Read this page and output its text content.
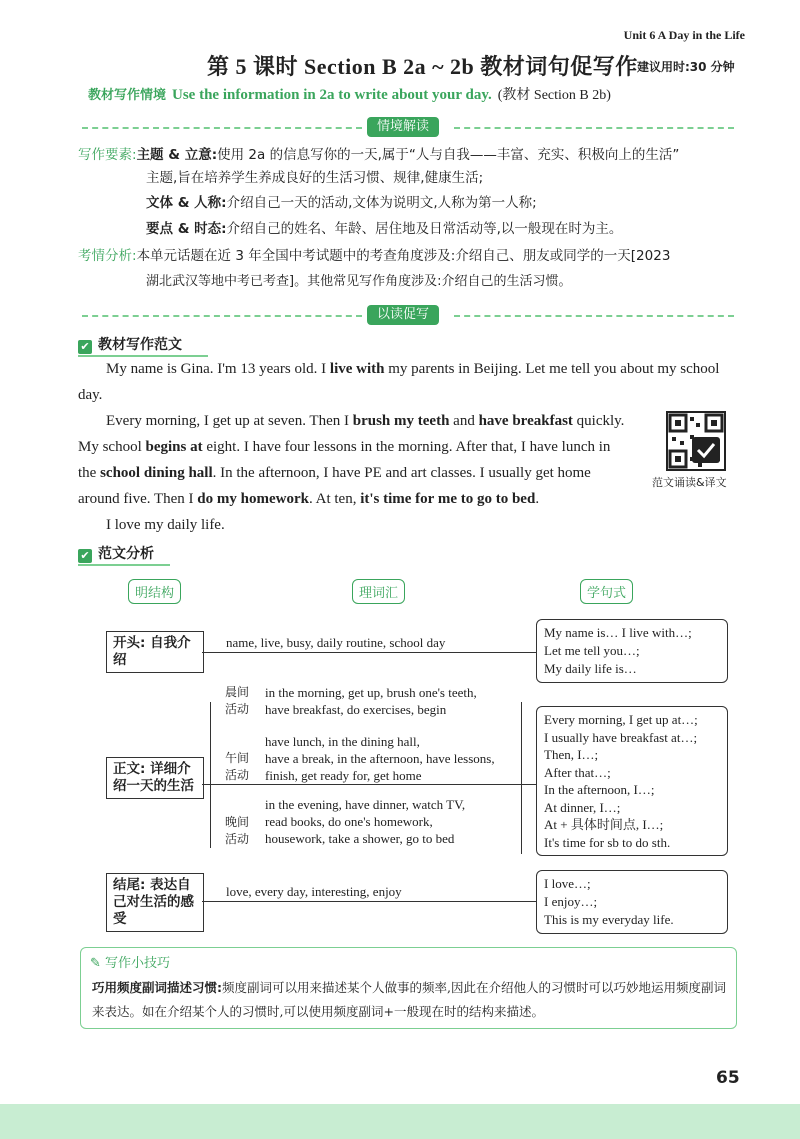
Unit 6 A Day in the Life
第 5 课时 Section B 2a ~ 2b 教材词句促写作 建议用时:30 分钟
教材写作情境 Use the information in 2a to write about your day. (教材 Section B 2b)
情境解读
写作要素:主题 & 立意:使用 2a 的信息写你的一天,属于“人与自我——丰富、充实、积极向上的生活”
主题,旨在培养学生养成良好的生活习惯、规律,健康生活;
文体 & 人称:介绍自己一天的活动,文体为说明文,人称为第一人称;
要点 & 时态:介绍自己的姓名、年龄、居住地及日常活动等,以一般现在时为主。
考情分析:本单元话题在近 3 年全国中考试题中的考查角度涉及:介绍自己、朋友或同学的一天[2023
湖北武汉等地中考已考查]。其他常见写作角度涉及:介绍自己的生活习惯。
以读促写
✔ 教材写作范文
My name is Gina. I'm 13 years old. I live with my parents in Beijing. Let me tell you about my school
day.
Every morning, I get up at seven. Then I brush my teeth and have breakfast quickly.
My school begins at eight. I have four lessons in the morning. After that, I have lunch in
the school dining hall. In the afternoon, I have PE and art classes. I usually get home
around five. Then I do my homework. At ten, it's time for me to go to bed.
I love my daily life.
范文诵读&译文
✔ 范文分析
明结构	理词汇	学句式
开头: 自我介绍
name, live, busy, daily routine, school day
My name is… I live with…;
Let me tell you…;
My daily life is…
正文: 详细介绍一天的生活
晨间活动
in the morning, get up, brush one's teeth,
have breakfast, do exercises, begin
午间活动
have lunch, in the dining hall,
have a break, in the afternoon, have lessons,
finish, get ready for, get home
晚间活动
in the evening, have dinner, watch TV,
read books, do one's homework,
housework, take a shower, go to bed
Every morning, I get up at…;
I usually have breakfast at…;
Then, I…;
After that…;
In the afternoon, I…;
At dinner, I…;
At + 具体时间点, I…;
It's time for sb to do sth.
结尾: 表达自己对生活的感受
love, every day, interesting, enjoy
I love…;
I enjoy…;
This is my everyday life.
✎ 写作小技巧
巧用频度副词描述习惯:频度副词可以用来描述某个人做事的频率,因此在介绍他人的习惯时可以巧妙地运用频度副词来表达。如在介绍某个人的习惯时,可以使用频度副词+一般现在时的结构来描述。
65
